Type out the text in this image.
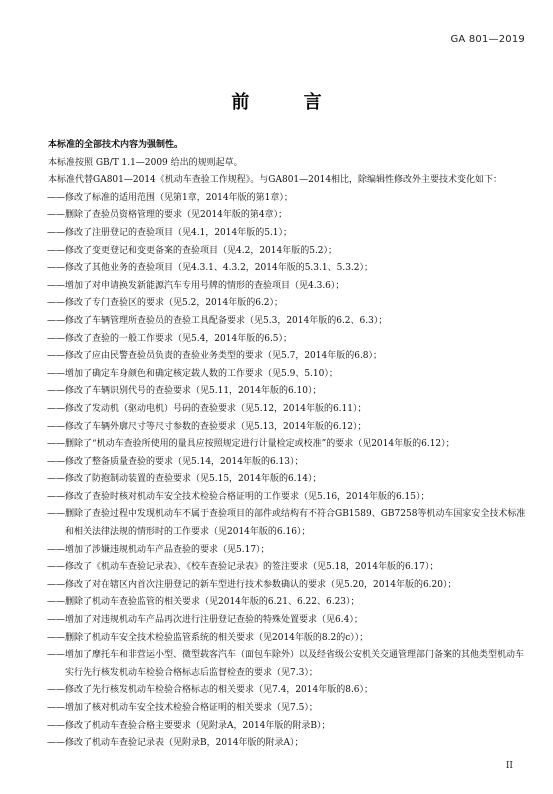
GA 801—2019
前 言

本标准的全部技术内容为强制性。

本标准按照 GB/T 1.1—2009 给出的规则起草。

本标准代替GA801—2014《机动车查验工作规程》。与GA801—2014相比，除编辑性修改外主要技术变化如下：

——修改了标准的适用范围（见第1章，2014年版的第1章）；

——删除了查验员资格管理的要求（见2014年版的第4章）；

——修改了注册登记的查验项目（见4.1，2014年版的5.1）；

——修改了变更登记和变更备案的查验项目（见4.2，2014年版的5.2）；

——修改了其他业务的查验项目（见4.3.1、4.3.2，2014年版的5.3.1、5.3.2）；

——增加了对申请换发新能源汽车专用号牌的情形的查验项目（见4.3.6）；

——修改了专门查验区的要求（见5.2，2014年版的6.2）；

——修改了车辆管理所查验员的查验工具配备要求（见5.3，2014年版的6.2、6.3）；

——修改了查验的一般工作要求（见5.4，2014年版的6.5）；

——修改了应由民警查验员负责的查验业务类型的要求（见5.7，2014年版的6.8）；

——增加了确定车身颜色和确定核定载人数的工作要求（见5.9、5.10）；

——修改了车辆识别代号的查验要求（见5.11，2014年版的6.10）；

——修改了发动机（驱动电机）号码的查验要求（见5.12，2014年版的6.11）；

——修改了车辆外廓尺寸等尺寸参数的查验要求（见5.13，2014年版的6.12）；

——删除了“机动车查验所使用的量具应按照规定进行计量检定或校准”的要求（见2014年版的6.12）；

——修改了整备质量查验的要求（见5.14，2014年版的6.13）；

——修改了防抱制动装置的查验要求（见5.15，2014年版的6.14）；

——修改了查验时核对机动车安全技术检验合格证明的工作要求（见5.16，2014年版的6.15）；

——删除了查验过程中发现机动车不属于查验项目的部件或结构有不符合GB1589、GB7258等机动车国家安全技术标准和相关法律法规的情形时的工作要求（见2014年版的6.16）；

——增加了涉嫌违规机动车产品查验的要求（见5.17）；

——修改了《机动车查验记录表》、《校车查验记录表》的签注要求（见5.18，2014年版的6.17）；

——修改了对在辖区内首次注册登记的新车型进行技术参数确认的要求（见5.20，2014年版的6.20）；

——删除了机动车查验监管的相关要求（见2014年版的6.21、6.22、6.23）；

——增加了对违规机动车产品再次进行注册登记查验的特殊处置要求（见6.4）；

——删除了机动车安全技术检验监管系统的相关要求（见2014年版的8.2的c））；

——增加了摩托车和非营运小型、微型载客汽车（面包车除外）以及经省级公安机关交通管理部门备案的其他类型机动车实行先行核发机动车检验合格标志后监督检查的要求（见7.3）；

——修改了先行核发机动车检验合格标志的相关要求（见7.4，2014年版的8.6）；

——增加了核对机动车安全技术检验合格证明的相关要求（见7.5）；

——修改了机动车查验合格主要要求（见附录A，2014年版的附录B）；

——修改了机动车查验记录表（见附录B，2014年版的附录A）；

II
